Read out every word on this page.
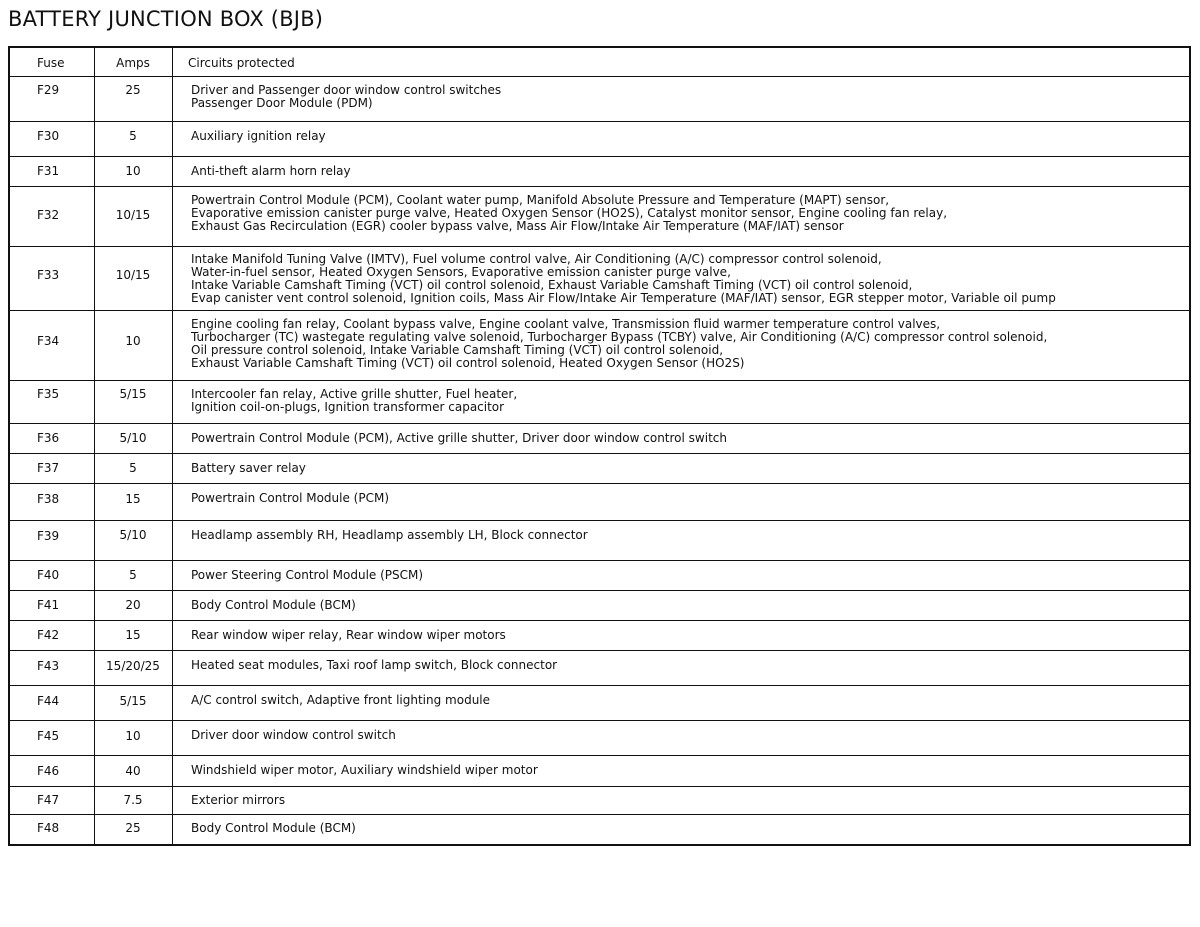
BATTERY JUNCTION BOX (BJB)
Fuse	Amps	Circuits protected
F29	25	Driver and Passenger door window control switches
Passenger Door Module (PDM)
F30	5	Auxiliary ignition relay
F31	10	Anti-theft alarm horn relay
F32	10/15
Powertrain Control Module (PCM), Coolant water pump, Manifold Absolute Pressure and Temperature (MAPT) sensor,
Evaporative emission canister purge valve, Heated Oxygen Sensor (HO2S), Catalyst monitor sensor, Engine cooling fan relay,
Exhaust Gas Recirculation (EGR) cooler bypass valve, Mass Air Flow/Intake Air Temperature (MAF/IAT) sensor
F33	10/15
Intake Manifold Tuning Valve (IMTV), Fuel volume control valve, Air Conditioning (A/C) compressor control solenoid,
Water-in-fuel sensor, Heated Oxygen Sensors, Evaporative emission canister purge valve,
Intake Variable Camshaft Timing (VCT) oil control solenoid, Exhaust Variable Camshaft Timing (VCT) oil control solenoid,
Evap canister vent control solenoid, Ignition coils, Mass Air Flow/Intake Air Temperature (MAF/IAT) sensor, EGR stepper motor, Variable oil pump
F34	10
Engine cooling fan relay, Coolant bypass valve, Engine coolant valve, Transmission fluid warmer temperature control valves,
Turbocharger (TC) wastegate regulating valve solenoid, Turbocharger Bypass (TCBY) valve, Air Conditioning (A/C) compressor control solenoid,
Oil pressure control solenoid, Intake Variable Camshaft Timing (VCT) oil control solenoid,
Exhaust Variable Camshaft Timing (VCT) oil control solenoid, Heated Oxygen Sensor (HO2S)
F35	5/15	Intercooler fan relay, Active grille shutter, Fuel heater,
Ignition coil-on-plugs, Ignition transformer capacitor
F36	5/10	Powertrain Control Module (PCM), Active grille shutter, Driver door window control switch
F37	5	Battery saver relay
F38	15	Powertrain Control Module (PCM)
F39	5/10	Headlamp assembly RH, Headlamp assembly LH, Block connector
F40	5	Power Steering Control Module (PSCM)
F41	20	Body Control Module (BCM)
F42	15	Rear window wiper relay, Rear window wiper motors
F43	15/20/25	Heated seat modules, Taxi roof lamp switch, Block connector
F44	5/15	A/C control switch, Adaptive front lighting module
F45	10	Driver door window control switch
F46	40	Windshield wiper motor, Auxiliary windshield wiper motor
F47	7.5	Exterior mirrors
F48	25	Body Control Module (BCM)
